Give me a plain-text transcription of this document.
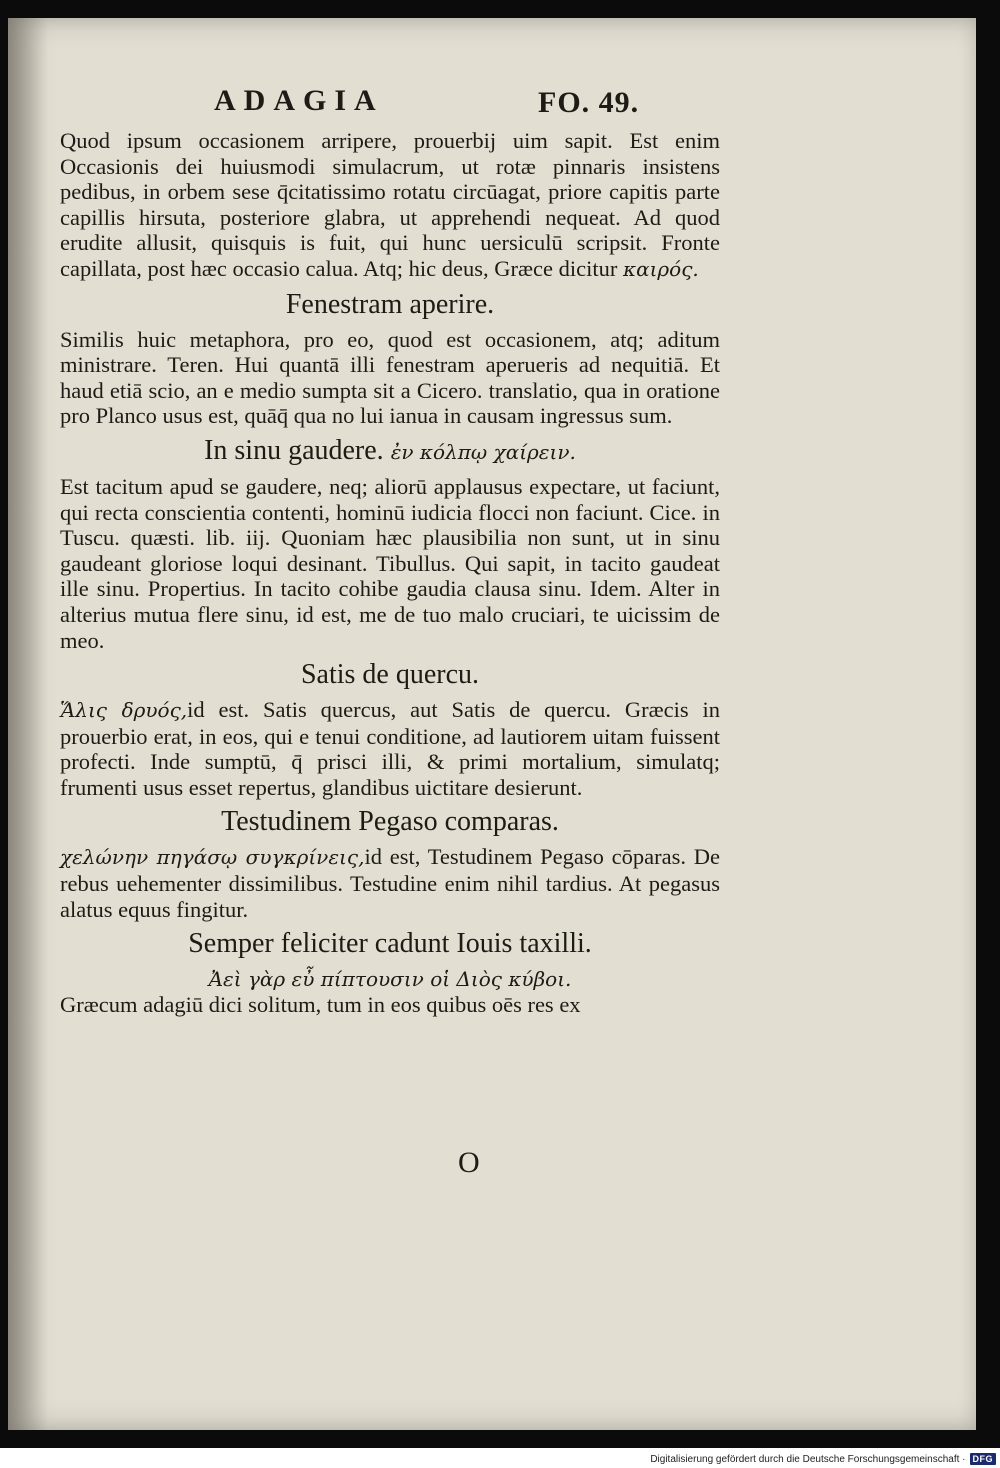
ADAGIA	FO. 49.

Quod ipsum occasionem arripere, prouerbij uim sapit. Est enim Occasionis dei huiusmodi simulacrum, ut rotæ pinnaris insistens pedibus, in orbem sese q̄citatissimo rotatu circūagat, priore capitis parte capillis hirsuta, posteriore glabra, ut apprehendi nequeat. Ad quod erudite allusit, quisquis is fuit, qui hunc uersiculū scripsit. Fronte capillata, post hæc occasio calua. Atq; hic deus, Græce dicitur καιρός.

Fenestram aperire.

Similis huic metaphora, pro eo, quod est occasionem, atq; aditum ministrare. Teren. Hui quantā illi fenestram aperueris ad nequitiā. Et haud etiā scio, an e medio sumpta sit a Cicero. translatio, qua in oratione pro Planco usus est, quāq̄ qua no lui ianua in causam ingressus sum.

In sinu gaudere. ἐν κόλπῳ χαίρειν.

Est tacitum apud se gaudere, neq; aliorū applausus expectare, ut faciunt, qui recta conscientia contenti, hominū iudicia flocci non faciunt. Cice. in Tuscu. quæsti. lib. iij. Quoniam hæc plausibilia non sunt, ut in sinu gaudeant gloriose loqui desinant. Tibullus. Qui sapit, in tacito gaudeat ille sinu. Propertius. In tacito cohibe gaudia clausa sinu. Idem. Alter in alterius mutua flere sinu, id est, me de tuo malo cruciari, te uicissim de meo.

Satis de quercu.

Ἅλις δρυός,id est. Satis quercus, aut Satis de quercu. Græcis in prouerbio erat, in eos, qui e tenui conditione, ad lautiorem uitam fuissent profecti. Inde sumptū, q̄ prisci illi, & primi mortalium, simulatq; frumenti usus esset repertus, glandibus uictitare desierunt.

Testudinem Pegaso comparas.

χελώνην πηγάσῳ συγκρίνεις,id est, Testudinem Pegaso cōparas. De rebus uehementer dissimilibus. Testudine enim nihil tardius. At pegasus alatus equus fingitur.

Semper feliciter cadunt Iouis taxilli.

Ἀεὶ γὰρ εὖ πίπτουσιν οἱ Διὸς κύβοι.

Græcum adagiū dici solitum, tum in eos quibus oēs res ex

O
Digitalisierung gefördert durch die Deutsche Forschungsgemeinschaft · DFG
